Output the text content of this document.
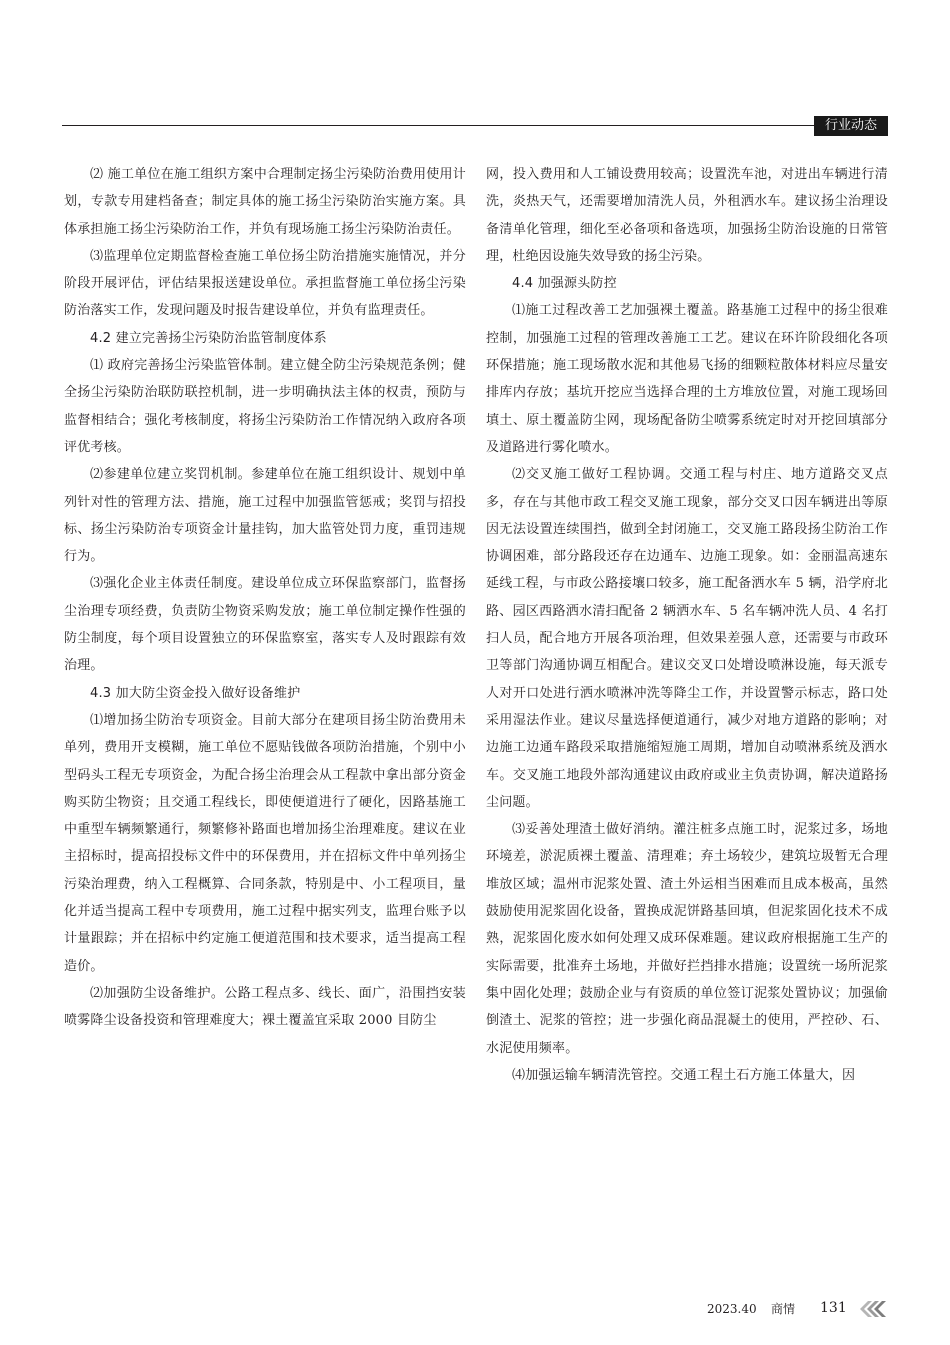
行业动态

⑵ 施工单位在施工组织方案中合理制定扬尘污染防治费用使用计划，专款专用建档备查；制定具体的施工扬尘污染防治实施方案。具体承担施工扬尘污染防治工作，并负有现场施工扬尘污染防治责任。

⑶监理单位定期监督检查施工单位扬尘防治措施实施情况，并分阶段开展评估，评估结果报送建设单位。承担监督施工单位扬尘污染防治落实工作，发现问题及时报告建设单位，并负有监理责任。

4.2 建立完善扬尘污染防治监管制度体系

⑴ 政府完善扬尘污染监管体制。建立健全防尘污染规范条例；健全扬尘污染防治联防联控机制，进一步明确执法主体的权责，预防与监督相结合；强化考核制度，将扬尘污染防治工作情况纳入政府各项评优考核。

⑵参建单位建立奖罚机制。参建单位在施工组织设计、规划中单列针对性的管理方法、措施，施工过程中加强监管惩戒；奖罚与招投标、扬尘污染防治专项资金计量挂钩，加大监管处罚力度，重罚违规行为。

⑶强化企业主体责任制度。建设单位成立环保监察部门，监督扬尘治理专项经费，负责防尘物资采购发放；施工单位制定操作性强的防尘制度，每个项目设置独立的环保监察室，落实专人及时跟踪有效治理。

4.3 加大防尘资金投入做好设备维护

⑴增加扬尘防治专项资金。目前大部分在建项目扬尘防治费用未单列，费用开支模糊，施工单位不愿贴钱做各项防治措施，个别中小型码头工程无专项资金，为配合扬尘治理会从工程款中拿出部分资金购买防尘物资；且交通工程线长，即使便道进行了硬化，因路基施工中重型车辆频繁通行，频繁修补路面也增加扬尘治理难度。建议在业主招标时，提高招投标文件中的环保费用，并在招标文件中单列扬尘污染治理费，纳入工程概算、合同条款，特别是中、小工程项目，量化并适当提高工程中专项费用，施工过程中据实列支，监理台账予以计量跟踪；并在招标中约定施工便道范围和技术要求，适当提高工程造价。

⑵加强防尘设备维护。公路工程点多、线长、面广，沿围挡安装喷雾降尘设备投资和管理难度大；裸土覆盖宜采取 2000 目防尘

网，投入费用和人工铺设费用较高；设置洗车池，对进出车辆进行清洗，炎热天气，还需要增加清洗人员，外租洒水车。建议扬尘治理设备清单化管理，细化至必备项和备选项，加强扬尘防治设施的日常管理，杜绝因设施失效导致的扬尘污染。

4.4 加强源头防控

⑴施工过程改善工艺加强裸土覆盖。路基施工过程中的扬尘很难控制，加强施工过程的管理改善施工工艺。建议在环许阶段细化各项环保措施；施工现场散水泥和其他易飞扬的细颗粒散体材料应尽量安排库内存放；基坑开挖应当选择合理的土方堆放位置，对施工现场回填土、原土覆盖防尘网，现场配备防尘喷雾系统定时对开挖回填部分及道路进行雾化喷水。

⑵交叉施工做好工程协调。交通工程与村庄、地方道路交叉点多，存在与其他市政工程交叉施工现象，部分交叉口因车辆进出等原因无法设置连续围挡，做到全封闭施工，交叉施工路段扬尘防治工作协调困难，部分路段还存在边通车、边施工现象。如：金丽温高速东延线工程，与市政公路接壤口较多，施工配备洒水车 5 辆，沿学府北路、园区西路洒水清扫配备 2 辆洒水车、5 名车辆冲洗人员、4 名打扫人员，配合地方开展各项治理，但效果差强人意，还需要与市政环卫等部门沟通协调互相配合。建议交叉口处增设喷淋设施，每天派专人对开口处进行洒水喷淋冲洗等降尘工作，并设置警示标志，路口处采用湿法作业。建议尽量选择便道通行，减少对地方道路的影响；对边施工边通车路段采取措施缩短施工周期，增加自动喷淋系统及洒水车。交叉施工地段外部沟通建议由政府或业主负责协调，解决道路扬尘问题。

⑶妥善处理渣土做好消纳。灌注桩多点施工时，泥浆过多，场地环境差，淤泥质裸土覆盖、清理难；弃土场较少，建筑垃圾暂无合理堆放区域；温州市泥浆处置、渣土外运相当困难而且成本极高，虽然鼓励使用泥浆固化设备，置换成泥饼路基回填，但泥浆固化技术不成熟，泥浆固化废水如何处理又成环保难题。建议政府根据施工生产的实际需要，批准弃土场地，并做好拦挡排水措施；设置统一场所泥浆集中固化处理；鼓励企业与有资质的单位签订泥浆处置协议；加强偷倒渣土、泥浆的管控；进一步强化商品混凝土的使用，严控砂、石、水泥使用频率。

⑷加强运输车辆清洗管控。交通工程土石方施工体量大，因

2023.40 商情 131
